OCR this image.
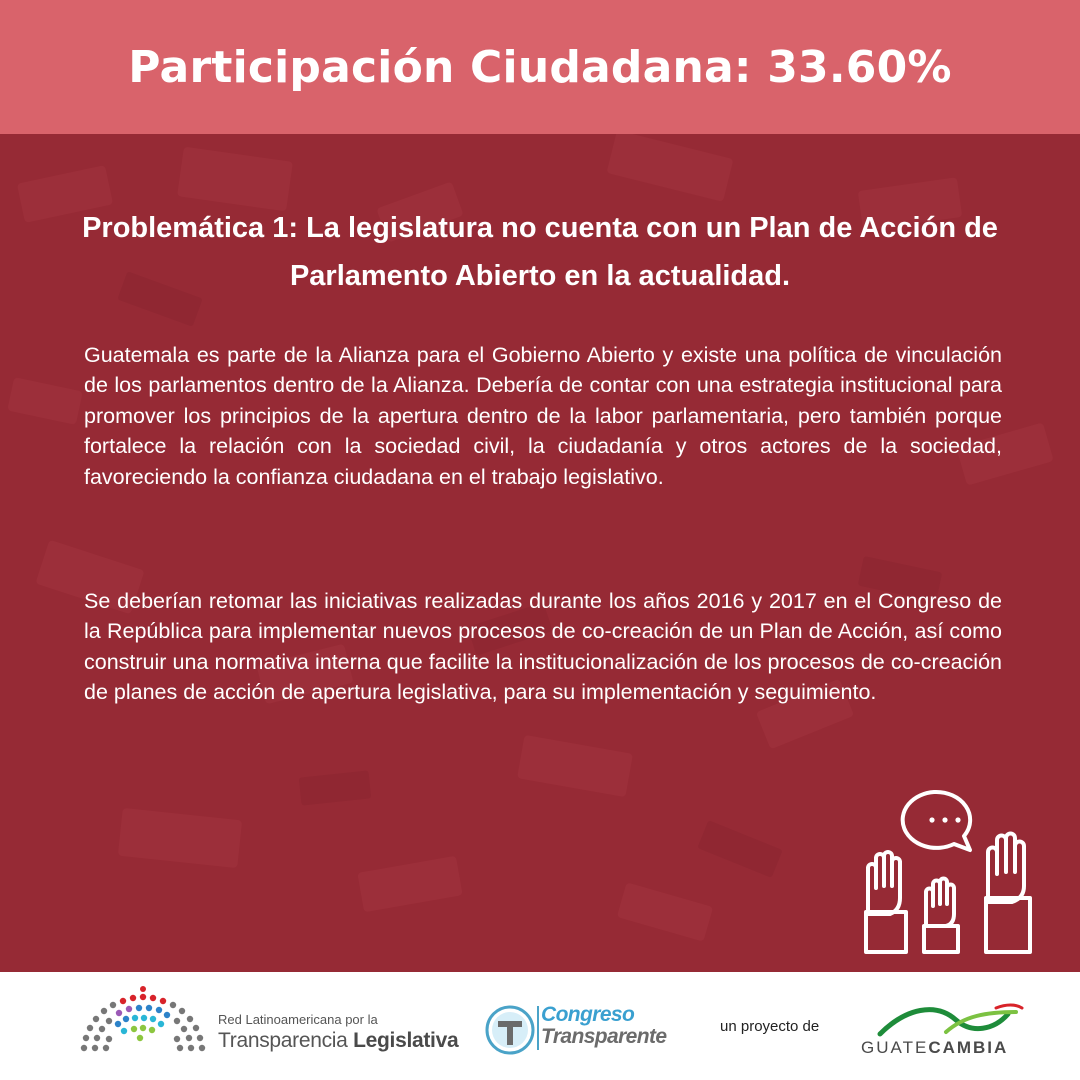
Participación Ciudadana: 33.60%

Problemática 1: La legislatura no cuenta con un Plan de Acción de Parlamento Abierto en la actualidad.

Guatemala es parte de la Alianza para el Gobierno Abierto y existe una política de vinculación de los parlamentos dentro de la Alianza. Debería de contar con una estrategia institucional para promover los principios de la apertura dentro de la labor parlamentaria, pero también porque fortalece la relación con la sociedad civil, la ciudadanía y otros actores de la sociedad, favoreciendo la confianza ciudadana en el trabajo legislativo.

Se deberían retomar las iniciativas realizadas durante los años 2016 y 2017 en el Congreso de la República para implementar nuevos procesos de co-creación de un Plan de Acción, así como construir una normativa interna que facilite la institucionalización de los procesos de co-creación de planes de acción de apertura legislativa, para su implementación y seguimiento.

Red Latinoamericana por la
Transparencia Legislativa
Congreso
Transparente	un proyecto de
GUATECAMBIA
